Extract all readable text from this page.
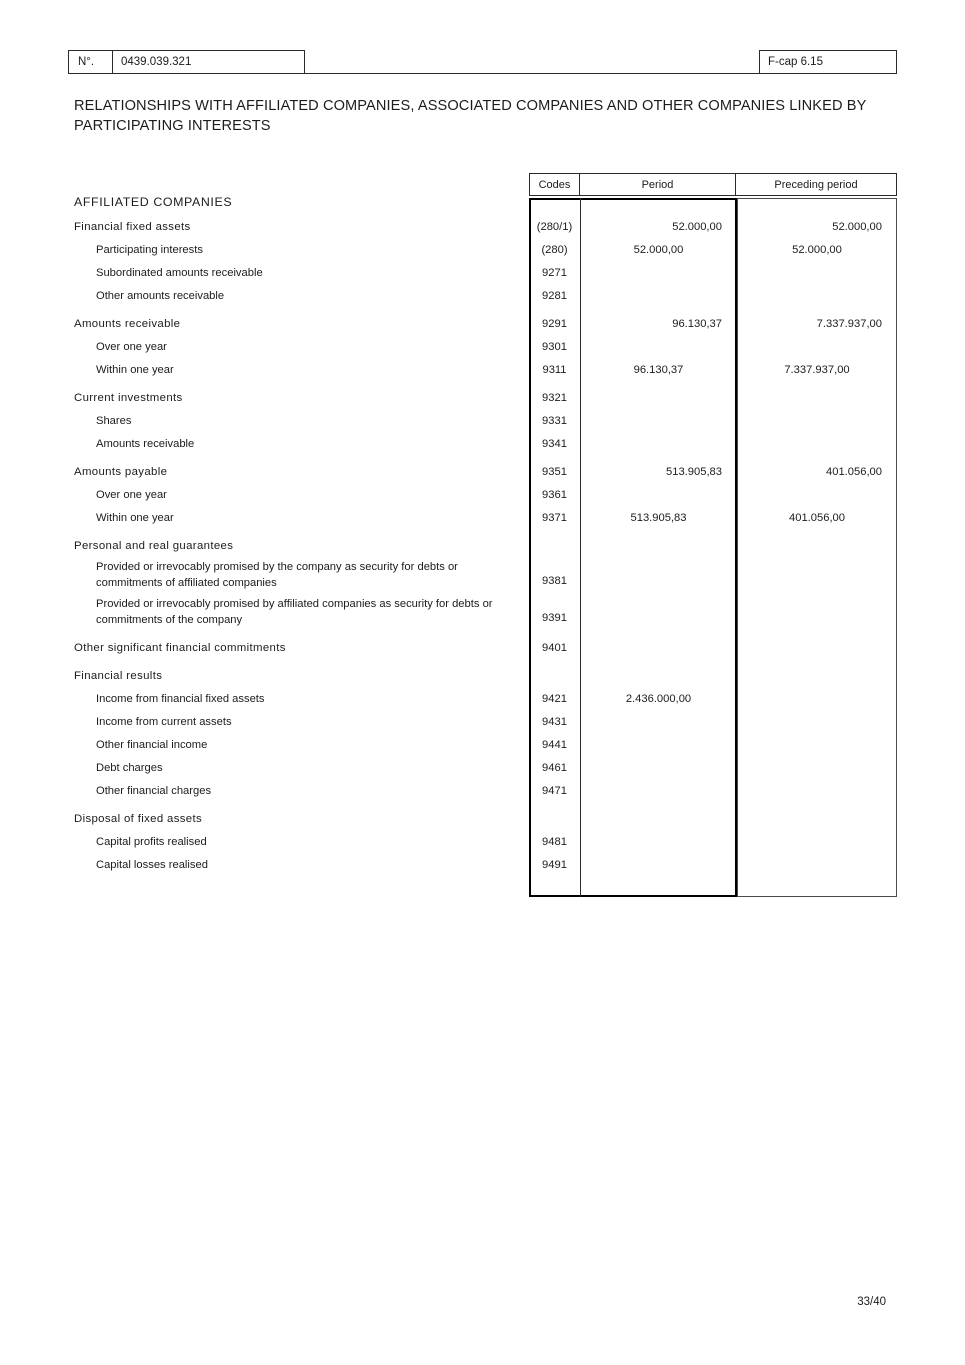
N°.	0439.039.321	F-cap 6.15
RELATIONSHIPS WITH AFFILIATED COMPANIES, ASSOCIATED COMPANIES AND OTHER COMPANIES LINKED BY PARTICIPATING INTERESTS
Codes	Period	Preceding period
AFFILIATED COMPANIES
Financial fixed assets	(280/1)	52.000,00	52.000,00
Participating interests	(280)	52.000,00	52.000,00
Subordinated amounts receivable	9271
Other amounts receivable	9281
Amounts receivable	9291	96.130,37	7.337.937,00
Over one year	9301
Within one year	9311	96.130,37	7.337.937,00
Current investments	9321
Shares	9331
Amounts receivable	9341
Amounts payable	9351	513.905,83	401.056,00
Over one year	9361
Within one year	9371	513.905,83	401.056,00
Personal and real guarantees
Provided or irrevocably promised by the company as security for debts or commitments of affiliated companies	9381
Provided or irrevocably promised by affiliated companies as security for debts or commitments of the company	9391
Other significant financial commitments	9401
Financial results
Income from financial fixed assets	9421	2.436.000,00
Income from current assets	9431
Other financial income	9441
Debt charges	9461
Other financial charges	9471
Disposal of fixed assets
Capital profits realised	9481
Capital losses realised	9491
33/40
